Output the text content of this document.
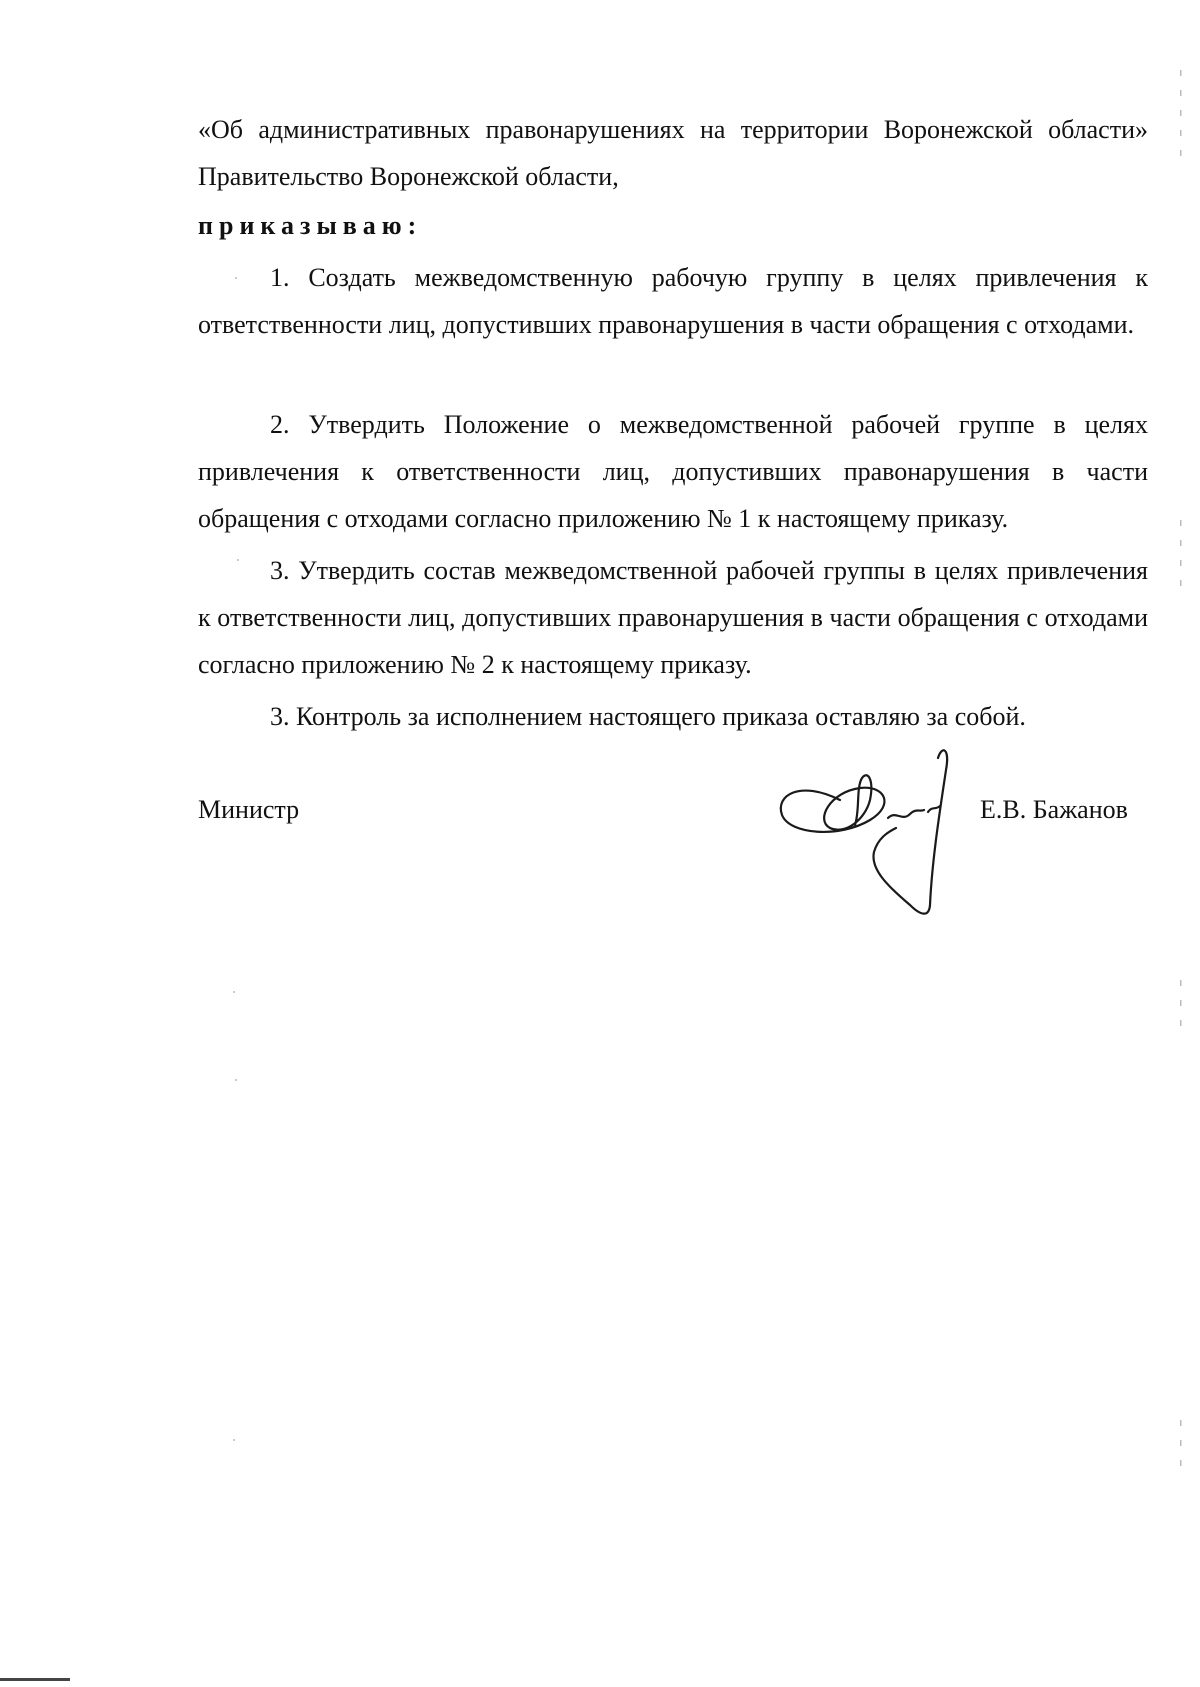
«Об административных правонарушениях на территории Воронежской области» Правительство Воронежской области,

приказываю:

1. Создать межведомственную рабочую группу в целях привлечения к ответственности лиц, допустивших правонарушения в части обращения с отходами.

2. Утвердить Положение о межведомственной рабочей группе в целях привлечения к ответственности лиц, допустивших правонарушения в части обращения с отходами согласно приложению № 1 к настоящему приказу.

3. Утвердить состав межведомственной рабочей группы в целях привлечения к ответственности лиц, допустивших правонарушения в части обращения с отходами согласно приложению № 2 к настоящему приказу.

3. Контроль за исполнением настоящего приказа оставляю за собой.

Министр	Е.В. Бажанов
